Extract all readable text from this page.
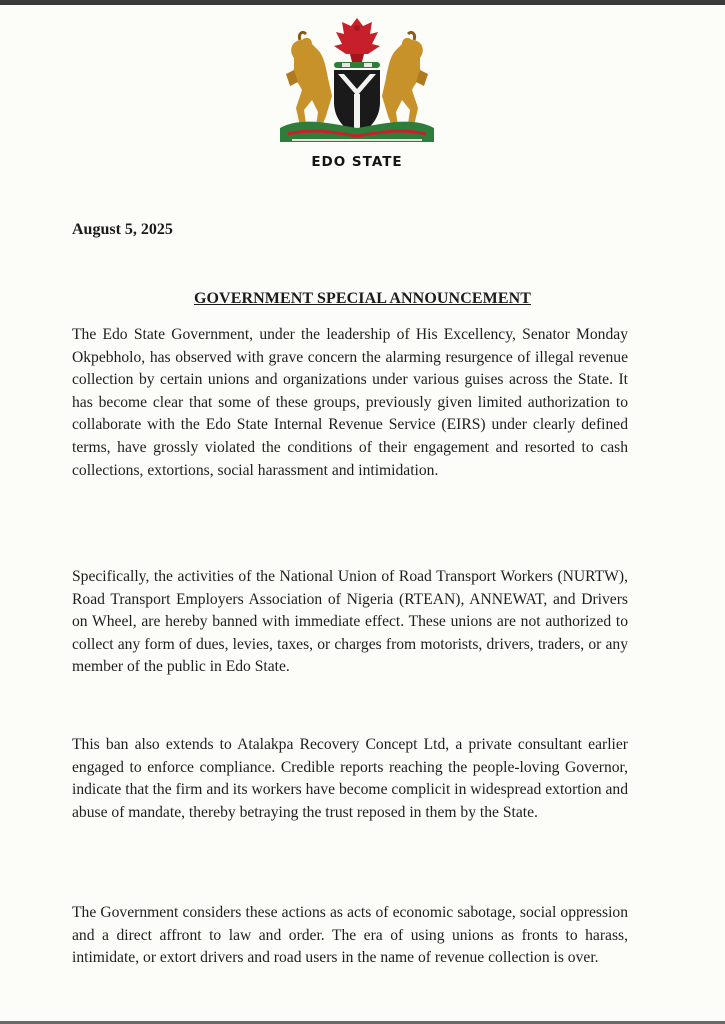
EDO STATE
August 5, 2025
GOVERNMENT SPECIAL ANNOUNCEMENT

The Edo State Government, under the leadership of His Excellency, Senator Monday Okpebholo, has observed with grave concern the alarming resurgence of illegal revenue collection by certain unions and organizations under various guises across the State. It has become clear that some of these groups, previously given limited authorization to collaborate with the Edo State Internal Revenue Service (EIRS) under clearly defined terms, have grossly violated the conditions of their engagement and resorted to cash collections, extortions, social harassment and intimidation.

Specifically, the activities of the National Union of Road Transport Workers (NURTW), Road Transport Employers Association of Nigeria (RTEAN), ANNEWAT, and Drivers on Wheel, are hereby banned with immediate effect. These unions are not authorized to collect any form of dues, levies, taxes, or charges from motorists, drivers, traders, or any member of the public in Edo State.

This ban also extends to Atalakpa Recovery Concept Ltd, a private consultant earlier engaged to enforce compliance. Credible reports reaching the people-loving Governor, indicate that the firm and its workers have become complicit in widespread extortion and abuse of mandate, thereby betraying the trust reposed in them by the State.

The Government considers these actions as acts of economic sabotage, social oppression and a direct affront to law and order. The era of using unions as fronts to harass, intimidate, or extort drivers and road users in the name of revenue collection is over.
